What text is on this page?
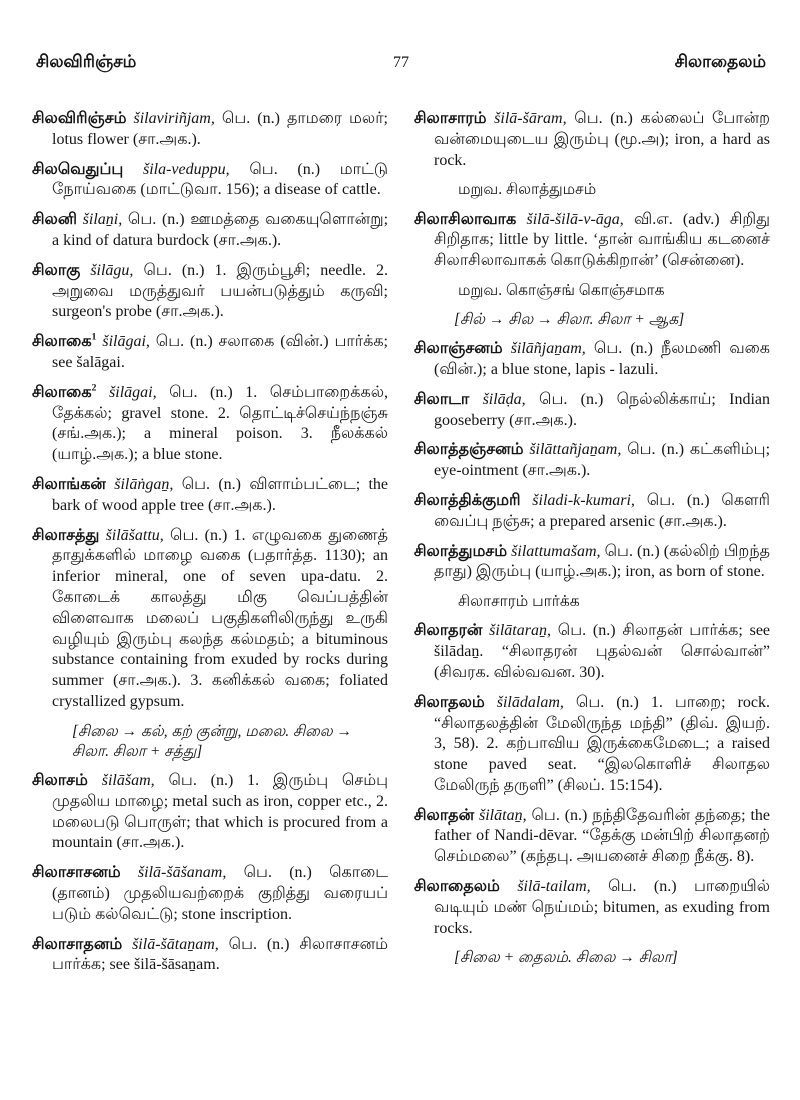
சிலவிரிஞ்சம்	77	சிலாதைலம்

சிலவிரிஞ்சம் šilaviriñjam, பெ. (n.) தாமரை மலர்; lotus flower (சா.அக.).

சிலவெதுப்பு šila-veduppu, பெ. (n.) மாட்டு நோய்வகை (மாட்டுவா. 156); a disease of cattle.

சிலனி šilaṉi, பெ. (n.) ஊமத்தை வகையுளொன்று; a kind of datura burdock (சா.அக.).

சிலாகு šilāgu, பெ. (n.) 1. இரும்பூசி; needle. 2. அறுவை மருத்துவர் பயன்படுத்தும் கருவி; surgeon's probe (சா.அக.).

சிலாகை$^1$ šilāgai, பெ. (n.) சலாகை (வின்.) பார்க்க; see šalāgai.

சிலாகை$^2$ šilāgai, பெ. (n.) 1. செம்பாறைக்கல், தேக்கல்; gravel stone. 2. தொட்டிச்செய்ந்நஞ்சு (சங்.அக.); a mineral poison. 3. நீலக்கல் (யாழ்.அக.); a blue stone.

சிலாங்கன் šilāṅgaṉ, பெ. (n.) விளாம்பட்டை; the bark of wood apple tree (சா.அக.).

சிலாசத்து šilāšattu, பெ. (n.) 1. எழுவகை துணைத் தாதுக்களில் மாழை வகை (பதார்த்த. 1130); an inferior mineral, one of seven upa-datu. 2. கோடைக் காலத்து மிகு வெப்பத்தின் விளைவாக மலைப் பகுதிகளிலிருந்து உருகி வழியும் இரும்பு கலந்த கல்மதம்; a bituminous substance containing from exuded by rocks during summer (சா.அக.). 3. கனிக்கல் வகை; foliated crystallized gypsum.

[சிலை → கல், கற் குன்று, மலை. சிலை → சிலா. சிலா + சத்து]

சிலாசம் šilāšam, பெ. (n.) 1. இரும்பு செம்பு முதலிய மாழை; metal such as iron, copper etc., 2. மலைபடு பொருள்; that which is procured from a mountain (சா.அக.).

சிலாசாசனம் šilā-šāšanam, பெ. (n.) கொடை (தானம்) முதலியவற்றைக் குறித்து வரையப் படும் கல்வெட்டு; stone inscription.

சிலாசாதனம் šilā-šātaṉam, பெ. (n.) சிலாசாசனம் பார்க்க; see šilā-šāsaṉam.

சிலாசாரம் šilā-šāram, பெ. (n.) கல்லைப் போன்ற வன்மையுடைய இரும்பு (மூ.அ); iron, a hard as rock.

மறுவ. சிலாத்துமசம்

சிலாசிலாவாக šilā-šilā-v-āga, வி.எ. (adv.) சிறிது சிறிதாக; little by little. ‘தான் வாங்கிய கடனைச் சிலாசிலாவாகக் கொடுக்கிறான்’ (சென்னை).

மறுவ. கொஞ்சங் கொஞ்சமாக

[சில் → சில → சிலா. சிலா + ஆக]

சிலாஞ்சனம் šilāñjaṉam, பெ. (n.) நீலமணி வகை (வின்.); a blue stone, lapis - lazuli.

சிலாடா šilāḍa, பெ. (n.) நெல்லிக்காய்; Indian gooseberry (சா.அக.).

சிலாத்தஞ்சனம் šilāttañjaṉam, பெ. (n.) கட்களிம்பு; eye-ointment (சா.அக.).

சிலாத்திக்குமரி šiladi-k-kumari, பெ. (n.) கௌரி வைப்பு நஞ்சு; a prepared arsenic (சா.அக.).

சிலாத்துமசம் šilattumašam, பெ. (n.) (கல்லிற் பிறந்த தாது) இரும்பு (யாழ்.அக.); iron, as born of stone.

சிலாசாரம் பார்க்க

சிலாதரன் šilātaraṉ, பெ. (n.) சிலாதன் பார்க்க; see šilādaṉ. “சிலாதரன் புதல்வன் சொல்வான்” (சிவரக. வில்வவன. 30).

சிலாதலம் šilādalam, பெ. (n.) 1. பாறை; rock. “சிலாதலத்தின் மேலிருந்த மந்தி” (திவ். இயற். 3, 58). 2. கற்பாவிய இருக்கைமேடை; a raised stone paved seat. “இலகொளிச் சிலாதல மேலிருந் தருளி” (சிலப். 15:154).

சிலாதன் šilātaṉ, பெ. (n.) நந்திதேவரின் தந்தை; the father of Nandi-dēvar. “தேக்கு மன்பிற் சிலாதனற் செம்மலை” (கந்தபு. அயனைச் சிறை நீக்கு. 8).

சிலாதைலம் šilā-tailam, பெ. (n.) பாறையில் வடியும் மண் நெய்மம்; bitumen, as exuding from rocks.

[சிலை + தைலம். சிலை → சிலா]
